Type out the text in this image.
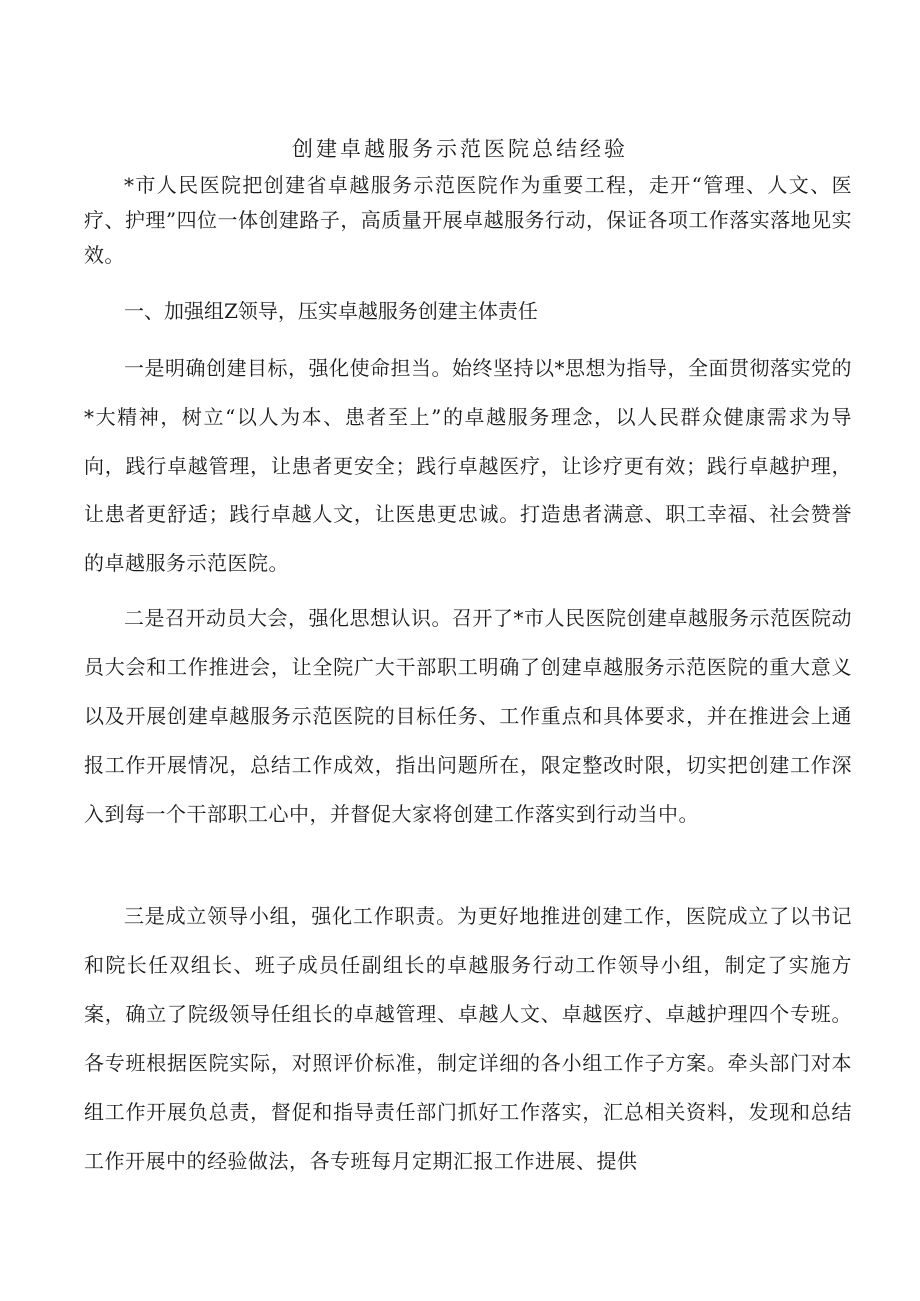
创建卓越服务示范医院总结经验

*市人民医院把创建省卓越服务示范医院作为重要工程，走开“管理、人文、医疗、护理”四位一体创建路子，高质量开展卓越服务行动，保证各项工作落实落地见实效。

一、加强组Z领导，压实卓越服务创建主体责任

一是明确创建目标，强化使命担当。始终坚持以*思想为指导，全面贯彻落实党的*大精神，树立“以人为本、患者至上”的卓越服务理念，以人民群众健康需求为导向，践行卓越管理，让患者更安全；践行卓越医疗，让诊疗更有效；践行卓越护理，让患者更舒适；践行卓越人文，让医患更忠诚。打造患者满意、职工幸福、社会赞誉的卓越服务示范医院。

二是召开动员大会，强化思想认识。召开了*市人民医院创建卓越服务示范医院动员大会和工作推进会，让全院广大干部职工明确了创建卓越服务示范医院的重大意义以及开展创建卓越服务示范医院的目标任务、工作重点和具体要求，并在推进会上通报工作开展情况，总结工作成效，指出问题所在，限定整改时限，切实把创建工作深入到每一个干部职工心中，并督促大家将创建工作落实到行动当中。

三是成立领导小组，强化工作职责。为更好地推进创建工作，医院成立了以书记和院长任双组长、班子成员任副组长的卓越服务行动工作领导小组，制定了实施方案，确立了院级领导任组长的卓越管理、卓越人文、卓越医疗、卓越护理四个专班。各专班根据医院实际，对照评价标准，制定详细的各小组工作子方案。牵头部门对本组工作开展负总责，督促和指导责任部门抓好工作落实，汇总相关资料，发现和总结工作开展中的经验做法，各专班每月定期汇报工作进展、提供
